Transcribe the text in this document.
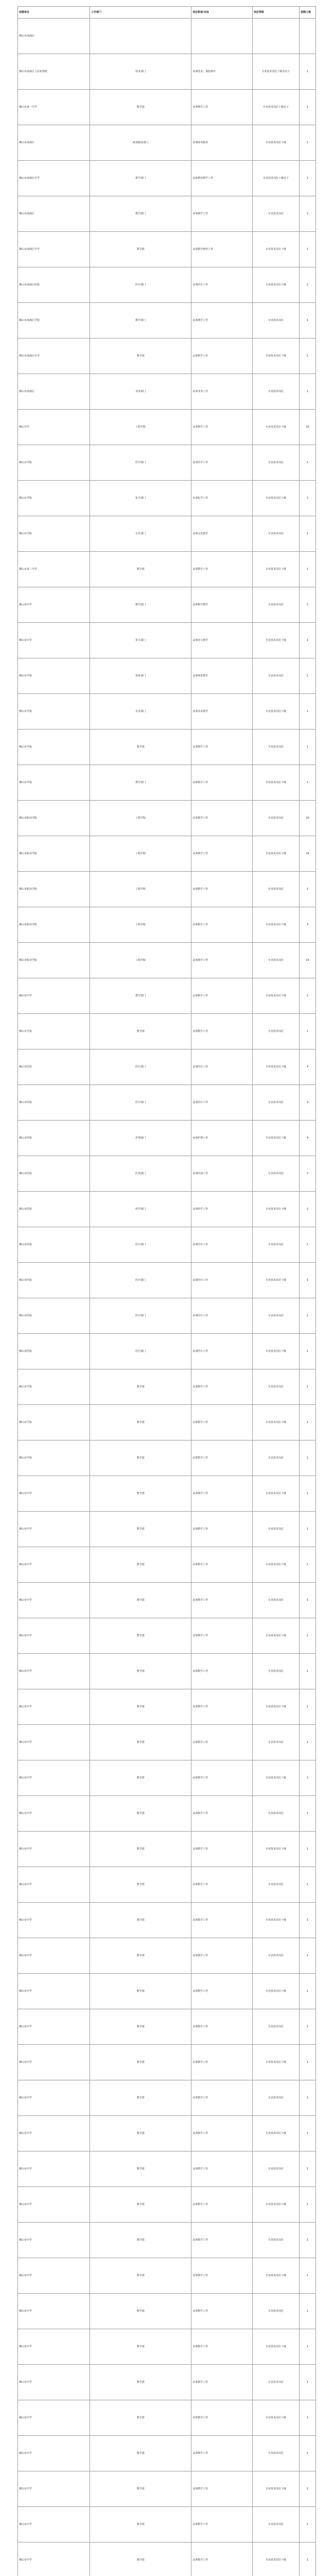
招聘单位	工作部门	岗位职责/目标	岗位等级	招聘人数
佛山市南海区				
佛山市南海区人民检察院	技术部门	从事技术、预防和中	专业技术岗位十级及以下	1
佛山市第一中学	教学部	从事教学工作	专业技术岗位十级以下	1
佛山市南海区	政务服务部门	从事政务服务	专业技术岗位十级	1
佛山市南海区中学	教学部门	从事教育教学工作	专业技术岗位十级以下	1
佛山市南海区	教学部门	从事教学工作	专业技术岗位	2
佛山市南海区中学	教学部	从事教学研究工作	专业技术岗位十级	1
佛山市南海区医院	医疗部门	从事医疗工作	专业技术岗位十级	1
佛山市南海区学校	教学部门	从事教学工作	专业技术岗位	1
佛山市南海区中学	教学部	从事教学工作	专业技术岗位十级	1
佛山市南海区	业务部门	从事业务工作	专业技术岗位	1
佛山中学	工程学院	从事教学工作	专业技术岗位十级	10
佛山市学院	医学部门	从事医学工作	专业技术岗位	1
佛山市学院	化学部门	从事化学工作	专业技术岗位十级	1
佛山市学院	音乐部门	从事音乐教学	专业技术岗位	1
佛山市第二中学	教学部	从事教学工作	专业技术岗位十级	1
佛山市中学	数学部门	从事数学教学	专业技术岗位	1
佛山市中学	语文部门	从事语文教学	专业技术岗位十级	1
佛山市学校	体育部门	从事体育教学	专业技术岗位	1
佛山市学校	美术部门	从事美术教学	专业技术岗位十级	1
佛山市学校	教学部	从事教学工作	专业技术岗位	1
佛山市学校	教学部门	从事教学工作	专业技术岗位十级	1
佛山市职业学院	工程学院	从事教学工作	专业技术岗位	10
佛山市职业学院	工程学院	从事教学工作	专业技术岗位十级	10
佛山市职业学院	工程学院	从事教学工作	专业技术岗位	2
佛山市职业学院	工程学院	从事教学工作	专业技术岗位十级	3
佛山市职业学院	工程学院	从事教学工作	专业技术岗位	15
佛山市中学	教学部门	从事教学工作	专业技术岗位十级	1
佛山市学校	教学部	从事教学工作	专业技术岗位	1
佛山市医院	医疗部门	从事医疗工作	专业技术岗位十级	4
佛山市医院	医疗部门	从事医疗工作	专业技术岗位	2
佛山市医院	护理部门	从事护理工作	专业技术岗位十级	4
佛山市医院	医技部门	从事医技工作	专业技术岗位	2
佛山市医院	药学部门	从事药学工作	专业技术岗位十级	2
佛山市医院	医疗部门	从事医疗工作	专业技术岗位	1
佛山市医院	医疗部门	从事医疗工作	专业技术岗位十级	1
佛山市医院	医疗部门	从事医疗工作	专业技术岗位	1
佛山市医院	医疗部门	从事医疗工作	专业技术岗位十级	1
佛山市学校	教学部	从事教学工作	专业技术岗位	1
佛山市学校	教学部	从事教学工作	专业技术岗位十级	1
佛山市学校	教学部	从事教学工作	专业技术岗位	1
佛山市中学	教学部	从事教学工作	专业技术岗位十级	1
佛山市中学	教学部	从事教学工作	专业技术岗位	1
佛山市中学	教学部	从事教学工作	专业技术岗位十级	1
佛山市中学	教学部	从事教学工作	专业技术岗位	1
佛山市中学	教学部	从事教学工作	专业技术岗位十级	1
佛山市中学	教学部	从事教学工作	专业技术岗位	1
佛山市中学	教学部	从事教学工作	专业技术岗位十级	1
佛山市中学	教学部	从事教学工作	专业技术岗位	1
佛山市中学	教学部	从事教学工作	专业技术岗位十级	1
佛山市中学	教学部	从事教学工作	专业技术岗位	1
佛山市中学	教学部	从事教学工作	专业技术岗位十级	1
佛山市中学	教学部	从事教学工作	专业技术岗位	1
佛山市中学	教学部	从事教学工作	专业技术岗位十级	1
佛山市中学	教学部	从事教学工作	专业技术岗位	1
佛山市中学	教学部	从事教学工作	专业技术岗位十级	1
佛山市中学	教学部	从事教学工作	专业技术岗位	1
佛山市中学	教学部	从事教学工作	专业技术岗位十级	1
佛山市中学	教学部	从事教学工作	专业技术岗位	1
佛山市中学	教学部	从事教学工作	专业技术岗位十级	1
佛山市中学	教学部	从事教学工作	专业技术岗位	1
佛山市中学	教学部	从事教学工作	专业技术岗位十级	1
佛山市中学	教学部	从事教学工作	专业技术岗位	1
佛山市中学	教学部	从事教学工作	专业技术岗位十级	1
佛山市中学	教学部	从事教学工作	专业技术岗位	1
佛山市中学	教学部	从事教学工作	专业技术岗位十级	1
佛山市中学	教学部	从事教学工作	专业技术岗位	1
佛山市中学	教学部	从事教学工作	专业技术岗位十级	1
佛山市中学	教学部	从事教学工作	专业技术岗位	1
佛山市中学	教学部	从事教学工作	专业技术岗位十级	1
佛山市中学	教学部	从事教学工作	专业技术岗位	1
佛山市中学	教学部	从事教学工作	专业技术岗位十级	1
